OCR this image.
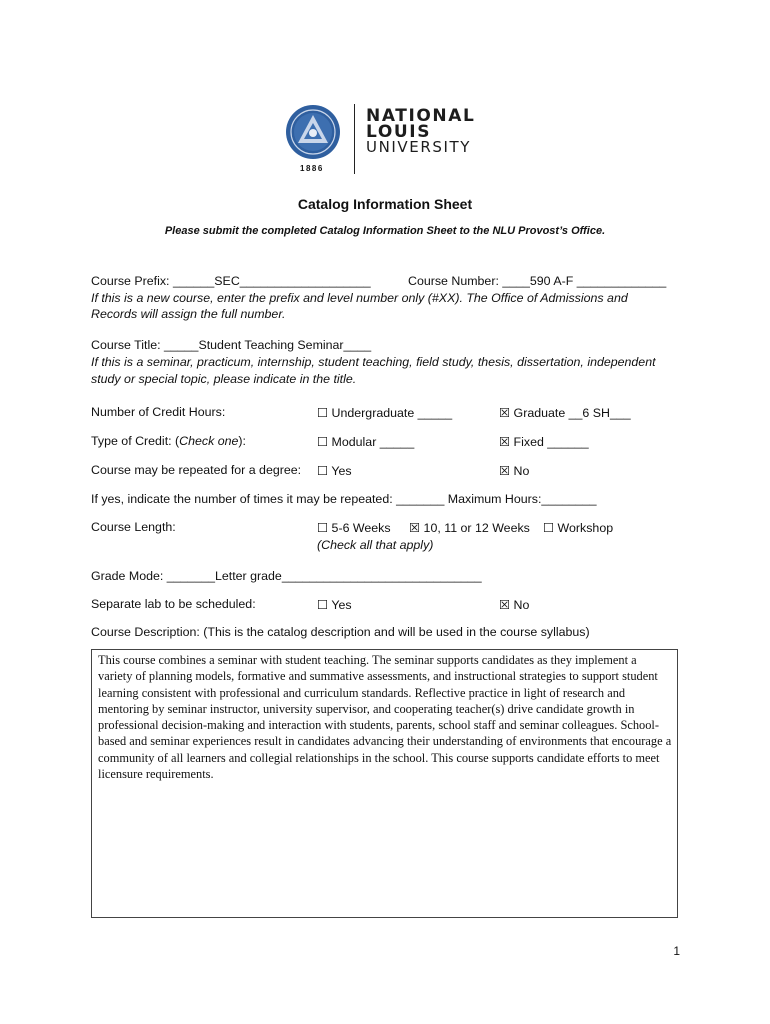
NATIONAL
LOUIS
UNIVERSITY
1886
Catalog Information Sheet
Please submit the completed Catalog Information Sheet to the NLU Provost’s Office.
Course Prefix: ______SEC___________________	Course Number: ____590 A-F _____________
If this is a new course, enter the prefix and level number only (#XX). The Office of Admissions and
Records will assign the full number.
Course Title: _____Student Teaching Seminar____
If this is a seminar, practicum, internship, student teaching, field study, thesis, dissertation, independent
study or special topic, please indicate in the title.
Number of Credit Hours:	☐ Undergraduate _____	☒ Graduate __6 SH___
Type of Credit: (Check one):	☐ Modular _____	☒ Fixed ______
Course may be repeated for a degree: ☐ Yes	☒ No
If yes, indicate the number of times it may be repeated: _______ Maximum Hours:________
Course Length:	☐ 5-6 Weeks ☒ 10, 11 or 12 Weeks ☐ Workshop
(Check all that apply)
Grade Mode: _______Letter grade_____________________________
Separate lab to be scheduled:	☐ Yes	☒ No
Course Description: (This is the catalog description and will be used in the course syllabus)
This course combines a seminar with student teaching. The seminar supports candidates as they implement a variety of planning models, formative and summative assessments, and instructional strategies to support student learning consistent with professional and curriculum standards. Reflective practice in light of research and mentoring by seminar instructor, university supervisor, and cooperating teacher(s) drive candidate growth in professional decision-making and interaction with students, parents, school staff and seminar colleagues. School-based and seminar experiences result in candidates advancing their understanding of environments that encourage a community of all learners and collegial relationships in the school. This course supports candidate efforts to meet licensure requirements.
1
